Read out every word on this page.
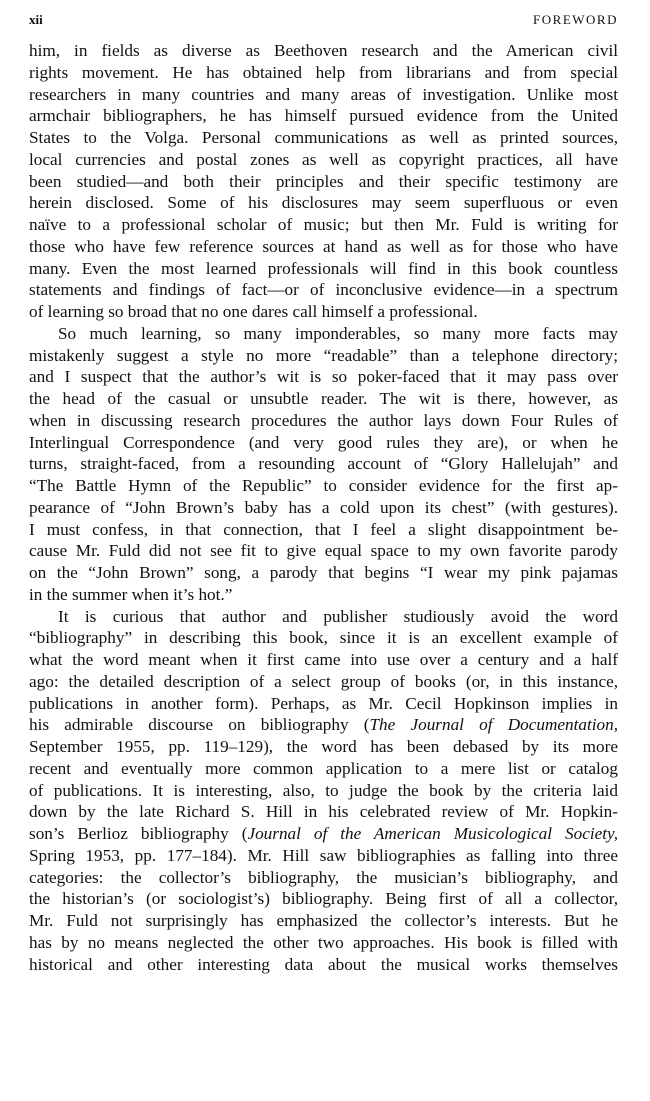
xii	FOREWORD
him, in fields as diverse as Beethoven research and the American civil
rights movement. He has obtained help from librarians and from special
researchers in many countries and many areas of investigation. Unlike most
armchair bibliographers, he has himself pursued evidence from the United
States to the Volga. Personal communications as well as printed sources,
local currencies and postal zones as well as copyright practices, all have
been studied—and both their principles and their specific testimony are
herein disclosed. Some of his disclosures may seem superfluous or even
naïve to a professional scholar of music; but then Mr. Fuld is writing for
those who have few reference sources at hand as well as for those who have
many. Even the most learned professionals will find in this book countless
statements and findings of fact—or of inconclusive evidence—in a spectrum
of learning so broad that no one dares call himself a professional.
So much learning, so many imponderables, so many more facts may
mistakenly suggest a style no more “readable” than a telephone directory;
and I suspect that the author’s wit is so poker-faced that it may pass over
the head of the casual or unsubtle reader. The wit is there, however, as
when in discussing research procedures the author lays down Four Rules of
Interlingual Correspondence (and very good rules they are), or when he
turns, straight-faced, from a resounding account of “Glory Hallelujah” and
“The Battle Hymn of the Republic” to consider evidence for the first ap-
pearance of “John Brown’s baby has a cold upon its chest” (with gestures).
I must confess, in that connection, that I feel a slight disappointment be-
cause Mr. Fuld did not see fit to give equal space to my own favorite parody
on the “John Brown” song, a parody that begins “I wear my pink pajamas
in the summer when it’s hot.”
It is curious that author and publisher studiously avoid the word
“bibliography” in describing this book, since it is an excellent example of
what the word meant when it first came into use over a century and a half
ago: the detailed description of a select group of books (or, in this instance,
publications in another form). Perhaps, as Mr. Cecil Hopkinson implies in
his admirable discourse on bibliography (The Journal of Documentation,
September 1955, pp. 119–129), the word has been debased by its more
recent and eventually more common application to a mere list or catalog
of publications. It is interesting, also, to judge the book by the criteria laid
down by the late Richard S. Hill in his celebrated review of Mr. Hopkin-
son’s Berlioz bibliography (Journal of the American Musicological Society,
Spring 1953, pp. 177–184). Mr. Hill saw bibliographies as falling into three
categories: the collector’s bibliography, the musician’s bibliography, and
the historian’s (or sociologist’s) bibliography. Being first of all a collector,
Mr. Fuld not surprisingly has emphasized the collector’s interests. But he
has by no means neglected the other two approaches. His book is filled with
historical and other interesting data about the musical works themselves
